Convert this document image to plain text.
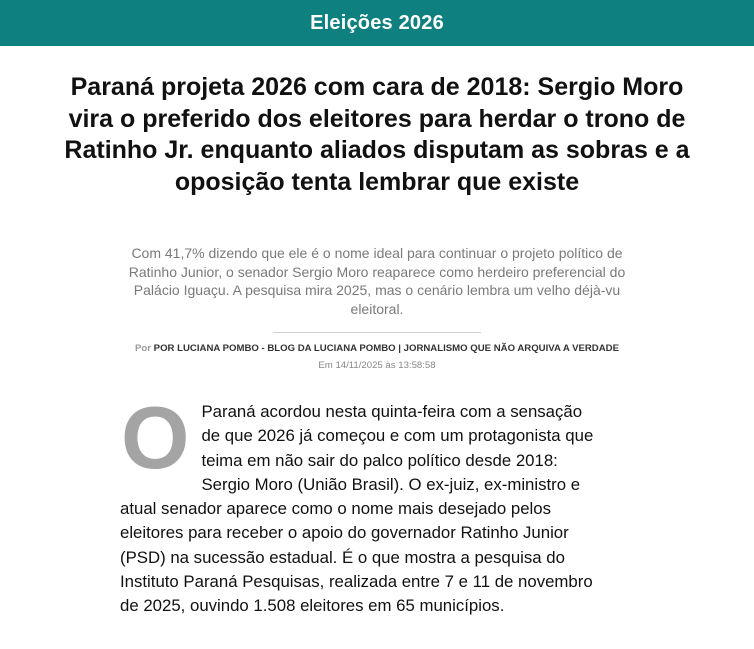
Eleições 2026
Paraná projeta 2026 com cara de 2018: Sergio Moro vira o preferido dos eleitores para herdar o trono de Ratinho Jr. enquanto aliados disputam as sobras e a oposição tenta lembrar que existe

Com 41,7% dizendo que ele é o nome ideal para continuar o projeto político de Ratinho Junior, o senador Sergio Moro reaparece como herdeiro preferencial do Palácio Iguaçu. A pesquisa mira 2025, mas o cenário lembra um velho déjà-vu eleitoral.

Por POR LUCIANA POMBO - BLOG DA LUCIANA POMBO | JORNALISMO QUE NÃO ARQUIVA A VERDADE
Em 14/11/2025 às 13:58:58

O Paraná acordou nesta quinta-feira com a sensação de que 2026 já começou e com um protagonista que teima em não sair do palco político desde 2018: Sergio Moro (União Brasil). O ex-juiz, ex-ministro e atual senador aparece como o nome mais desejado pelos eleitores para receber o apoio do governador Ratinho Junior (PSD) na sucessão estadual. É o que mostra a pesquisa do Instituto Paraná Pesquisas, realizada entre 7 e 11 de novembro de 2025, ouvindo 1.508 eleitores em 65 municípios.
